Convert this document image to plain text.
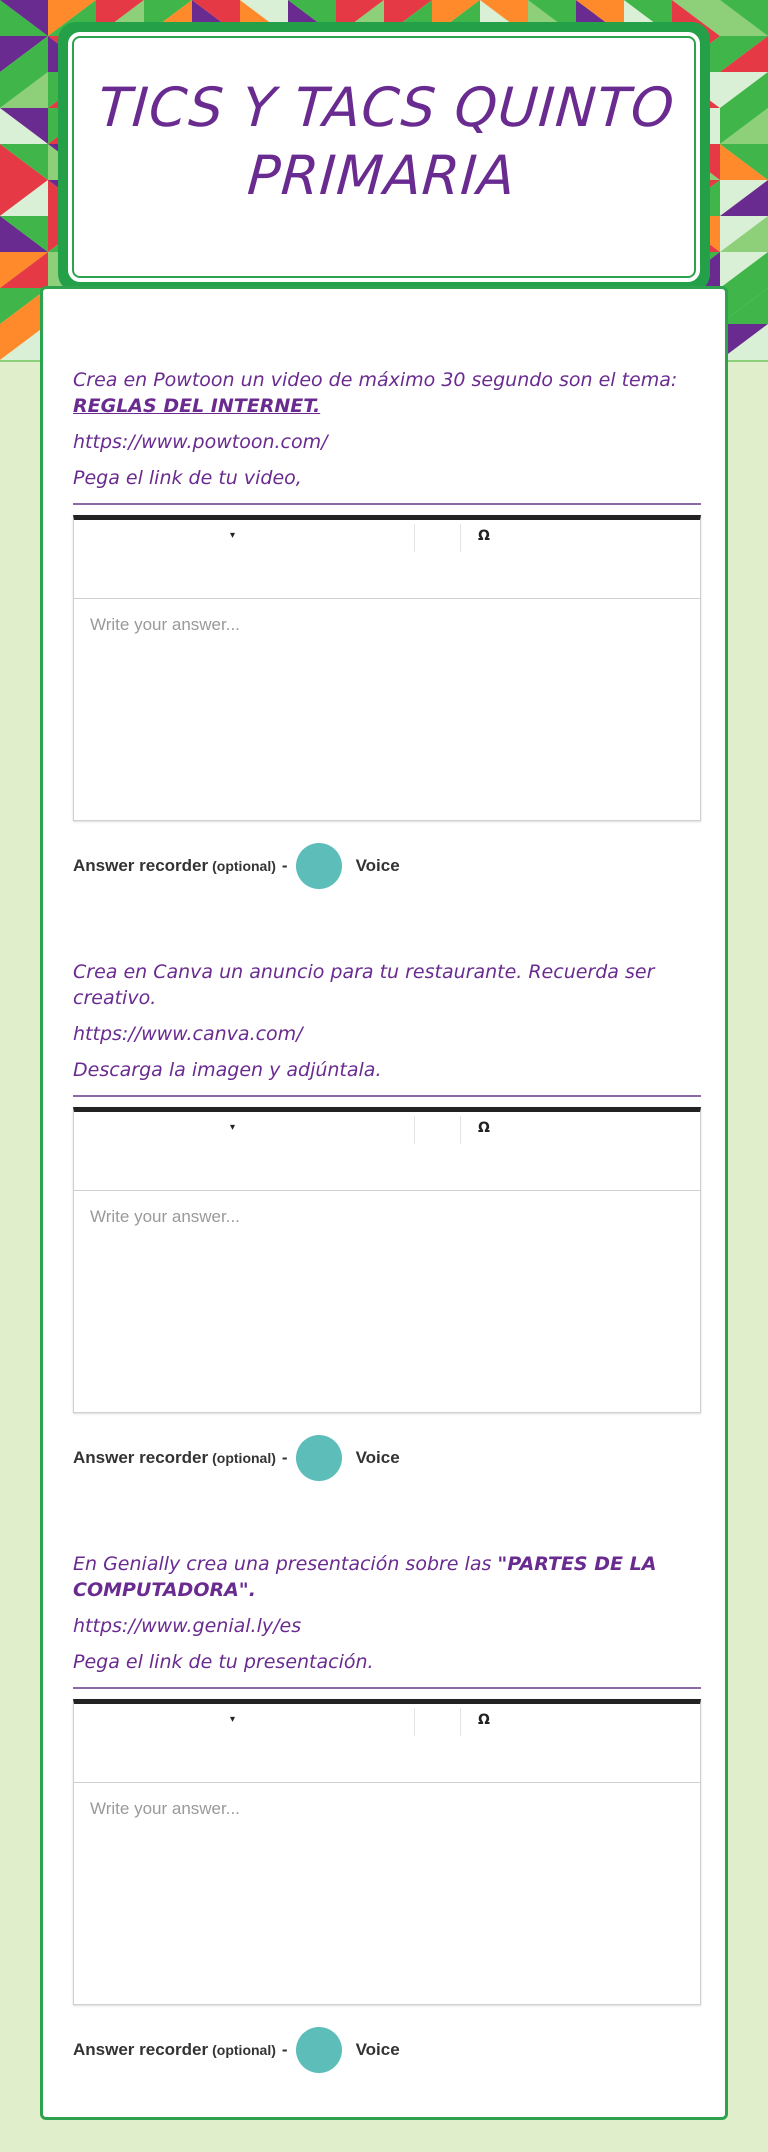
TICS Y TACS QUINTO PRIMARIA
Crea en Powtoon un video de máximo 30 segundo son el tema: REGLAS DEL INTERNET.
https://www.powtoon.com/
Pega el link de tu video,
▾	Ω
Write your answer...
Answer recorder (optional) -	Voice
Crea en Canva un anuncio para tu restaurante. Recuerda ser creativo.
https://www.canva.com/
Descarga la imagen y adjúntala.
▾	Ω
Write your answer...
Answer recorder (optional) -	Voice
En Genially crea una presentación sobre las "PARTES DE LA COMPUTADORA".
https://www.genial.ly/es
Pega el link de tu presentación.
▾	Ω
Write your answer...
Answer recorder (optional) -	Voice
